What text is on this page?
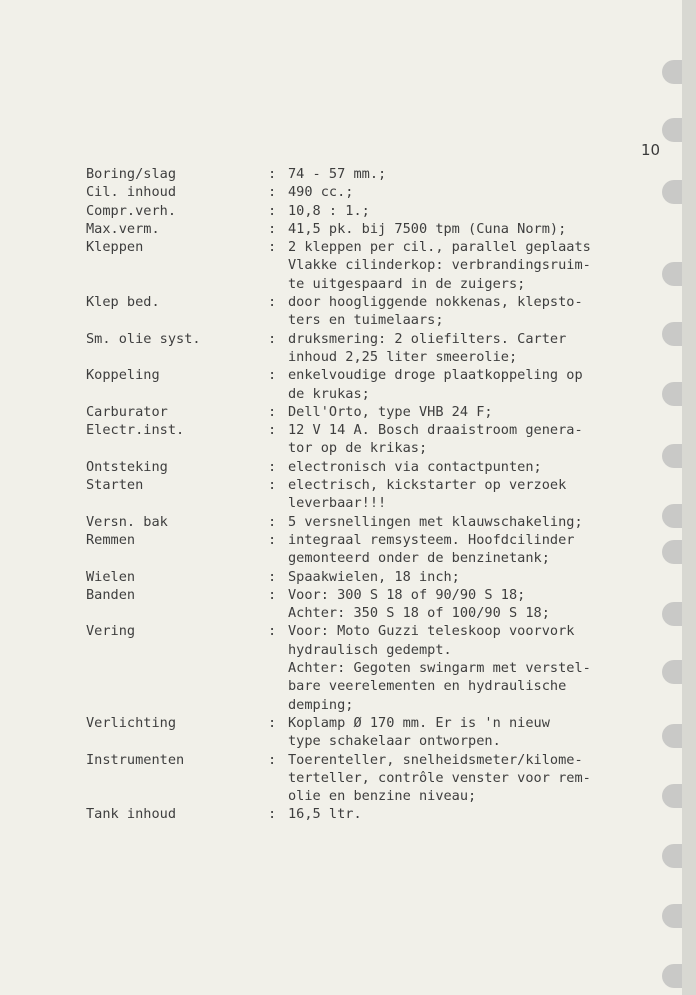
10
Boring/slag	: 74 - 57 mm.;
Cil. inhoud	: 490 cc.;
Compr.verh.	: 10,8 : 1.;
Max.verm.	: 41,5 pk. bij 7500 tpm (Cuna Norm);
Kleppen	: 2 kleppen per cil., parallel geplaats
Vlakke cilinderkop: verbrandingsruim-
te uitgespaard in de zuigers;
Klep bed.	: door hoogliggende nokkenas, klepsto-
ters en tuimelaars;
Sm. olie syst.	: druksmering: 2 oliefilters. Carter
inhoud 2,25 liter smeerolie;
Koppeling	: enkelvoudige droge plaatkoppeling op
de krukas;
Carburator	: Dell'Orto, type VHB 24 F;
Electr.inst.	: 12 V 14 A. Bosch draaistroom genera-
tor op de krikas;
Ontsteking	: electronisch via contactpunten;
Starten	: electrisch, kickstarter op verzoek
leverbaar!!!
Versn. bak	: 5 versnellingen met klauwschakeling;
Remmen	: integraal remsysteem. Hoofdcilinder
gemonteerd onder de benzinetank;
Wielen	: Spaakwielen, 18 inch;
Banden	: Voor: 300 S 18 of 90/90 S 18;
Achter: 350 S 18 of 100/90 S 18;
Vering	: Voor: Moto Guzzi teleskoop voorvork
hydraulisch gedempt.
Achter: Gegoten swingarm met verstel-
bare veerelementen en hydraulische
demping;
Verlichting	: Koplamp Ø 170 mm. Er is 'n nieuw
type schakelaar ontworpen.
Instrumenten	: Toerenteller, snelheidsmeter/kilome-
terteller, contrôle venster voor rem-
olie en benzine niveau;
Tank inhoud	: 16,5 ltr.
